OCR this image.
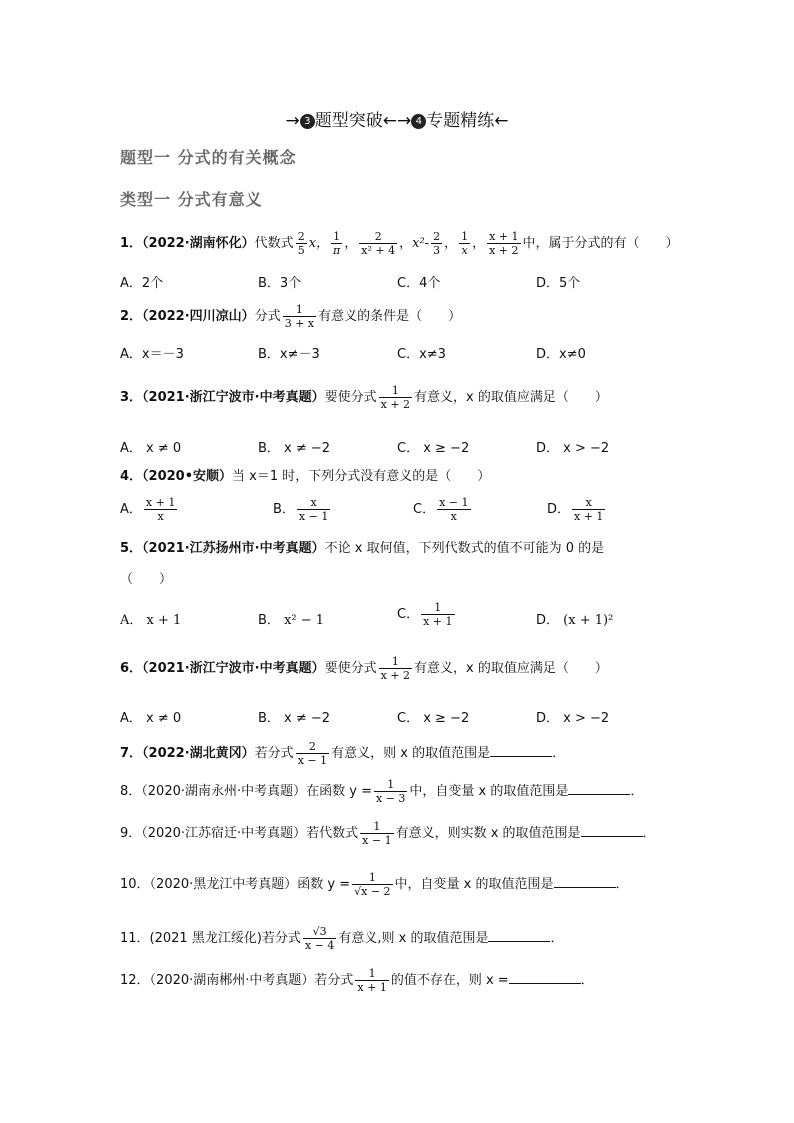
→ 3 题型突破←→ 4 专题精练←
题型一 分式的有关概念
类型一 分式有意义
1．（2022·湖南怀化）代数式 $\frac{2}{5}$ x， $\frac{1}{\pi}$ ， $\frac{2}{\text{x² + 4}}$ ，$x^2- \frac{2}{3}$ ， $\frac{1}{x}$ ， $\frac{x + 1}{x + 2}$ 中，属于分式的有（　　）
A．2个	B．3个	C．4个	D．5个
2．（2022·四川凉山）分式 $\frac{1}{3 + x}$ 有意义的条件是（　　）
A．x＝－3	B．x≠－3	C．x≠3	D．x≠0
3．（2021·浙江宁波市·中考真题）要使分式 $\frac{1}{x + 2}$ 有意义，x 的取值应满足（　　）
A． x ≠ 0	B． x ≠ −2	C． x ≥ −2	D． x > −2
4．（2020•安顺）当 x＝1 时，下列分式没有意义的是（　　）
A． $\frac{x + 1}{x}$	B． $\frac{x}{x - 1}$	C． $\frac{x - 1}{x}$	D． $\frac{x}{x + 1}$
5．（2021·江苏扬州市·中考真题）不论 x 取何值，下列代数式的值不可能为 0 的是
（　　）
A． x + 1	B． x² − 1	C． $\frac{1}{x + 1}$	D． (x + 1)²
6．（2021·浙江宁波市·中考真题）要使分式 $\frac{1}{x + 2}$ 有意义，x 的取值应满足（　　）
A． x ≠ 0	B． x ≠ −2	C． x ≥ −2	D． x > −2
7．（2022·湖北黄冈）若分式 $\frac{2}{x - 1}$ 有意义，则 x 的取值范围是	．
8．（2020·湖南永州·中考真题）在函数 $y = \frac{1}{x - 3}$ 中，自变量 x 的取值范围是	．
9．（2020·江苏宿迁·中考真题）若代数式 $\frac{1}{x - 1}$ 有意义，则实数 x 的取值范围是	．
10．（2020·黑龙江中考真题）函数 $y = \frac{1}{√x - 2}$ 中，自变量 x 的取值范围是	．
11．(2021 黑龙江绥化)若分式 $\frac{√3}{x - 4}$ 有意义,则 x 的取值范围是	．
12．（2020·湖南郴州·中考真题）若分式 $\frac{1}{x + 1}$ 的值不存在，则 x =	．
